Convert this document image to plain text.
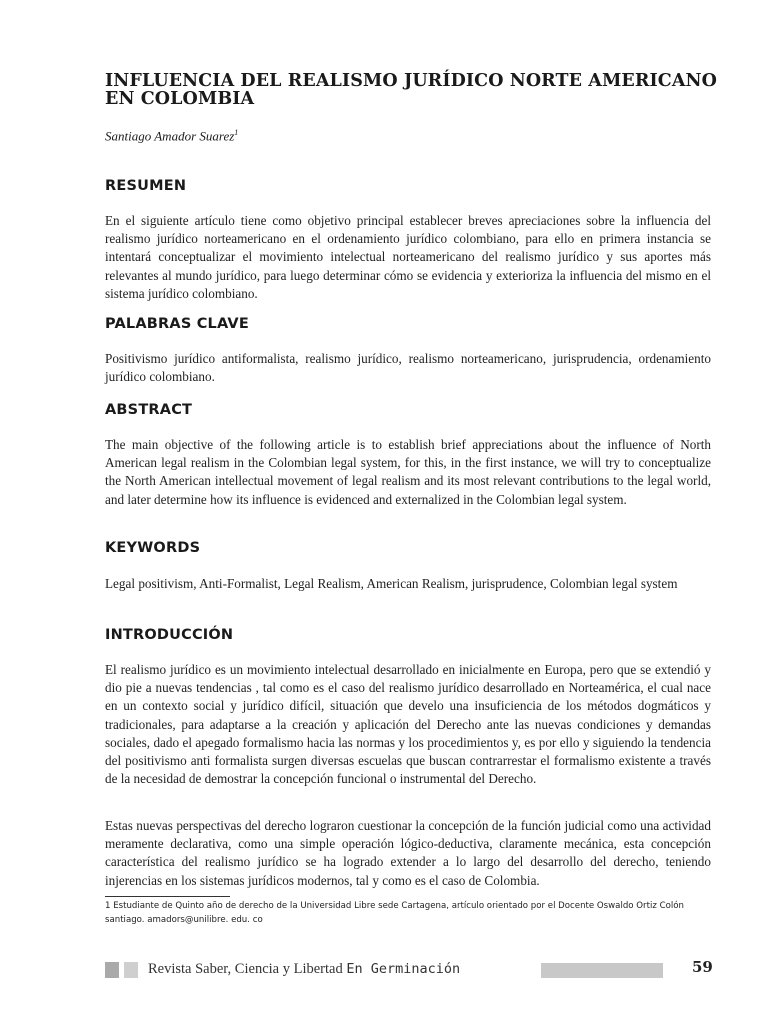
INFLUENCIA DEL REALISMO JURÍDICO NORTE AMERICANO EN COLOMBIA
Santiago Amador Suarez$^1$
RESUMEN

En el siguiente artículo tiene como objetivo principal establecer breves apreciaciones sobre la influencia del realismo jurídico norteamericano en el ordenamiento jurídico colombiano, para ello en primera instancia se intentará conceptualizar el movimiento intelectual norteamericano del realismo jurídico y sus aportes más relevantes al mundo jurídico, para luego determinar cómo se evidencia y exterioriza la influencia del mismo en el sistema jurídico colombiano.

PALABRAS CLAVE

Positivismo jurídico antiformalista, realismo jurídico, realismo norteamericano, jurisprudencia, ordenamiento jurídico colombiano.

ABSTRACT

The main objective of the following article is to establish brief appreciations about the influence of North American legal realism in the Colombian legal system, for this, in the first instance, we will try to conceptualize the North American intellectual movement of legal realism and its most relevant contributions to the legal world, and later determine how its influence is evidenced and externalized in the Colombian legal system.

KEYWORDS

Legal positivism, Anti-Formalist, Legal Realism, American Realism, jurisprudence, Colombian legal system

INTRODUCCIÓN

El realismo jurídico es un movimiento intelectual desarrollado en inicialmente en Europa, pero que se extendió y dio pie a nuevas tendencias , tal como es el caso del realismo jurídico desarrollado en Norteamérica, el cual nace en un contexto social y jurídico difícil, situación que develo una insuficiencia de los métodos dogmáticos y tradicionales, para adaptarse a la creación y aplicación del Derecho ante las nuevas condiciones y demandas sociales, dado el apegado formalismo hacia las normas y los procedimientos y, es por ello y siguiendo la tendencia del positivismo anti formalista surgen diversas escuelas que buscan contrarrestar el formalismo existente a través de la necesidad de demostrar la concepción funcional o instrumental del Derecho.

Estas nuevas perspectivas del derecho lograron cuestionar la concepción de la función judicial como una actividad meramente declarativa, como una simple operación lógico-deductiva, claramente mecánica, esta concepción característica del realismo jurídico se ha logrado extender a lo largo del desarrollo del derecho, teniendo injerencias en los sistemas jurídicos modernos, tal y como es el caso de Colombia.

1 Estudiante de Quinto año de derecho de la Universidad Libre sede Cartagena, artículo orientado por el Docente Oswaldo Ortiz Colón santiago. amadors@unilibre. edu. co

Revista Saber, Ciencia y Libertad En Germinación	59
